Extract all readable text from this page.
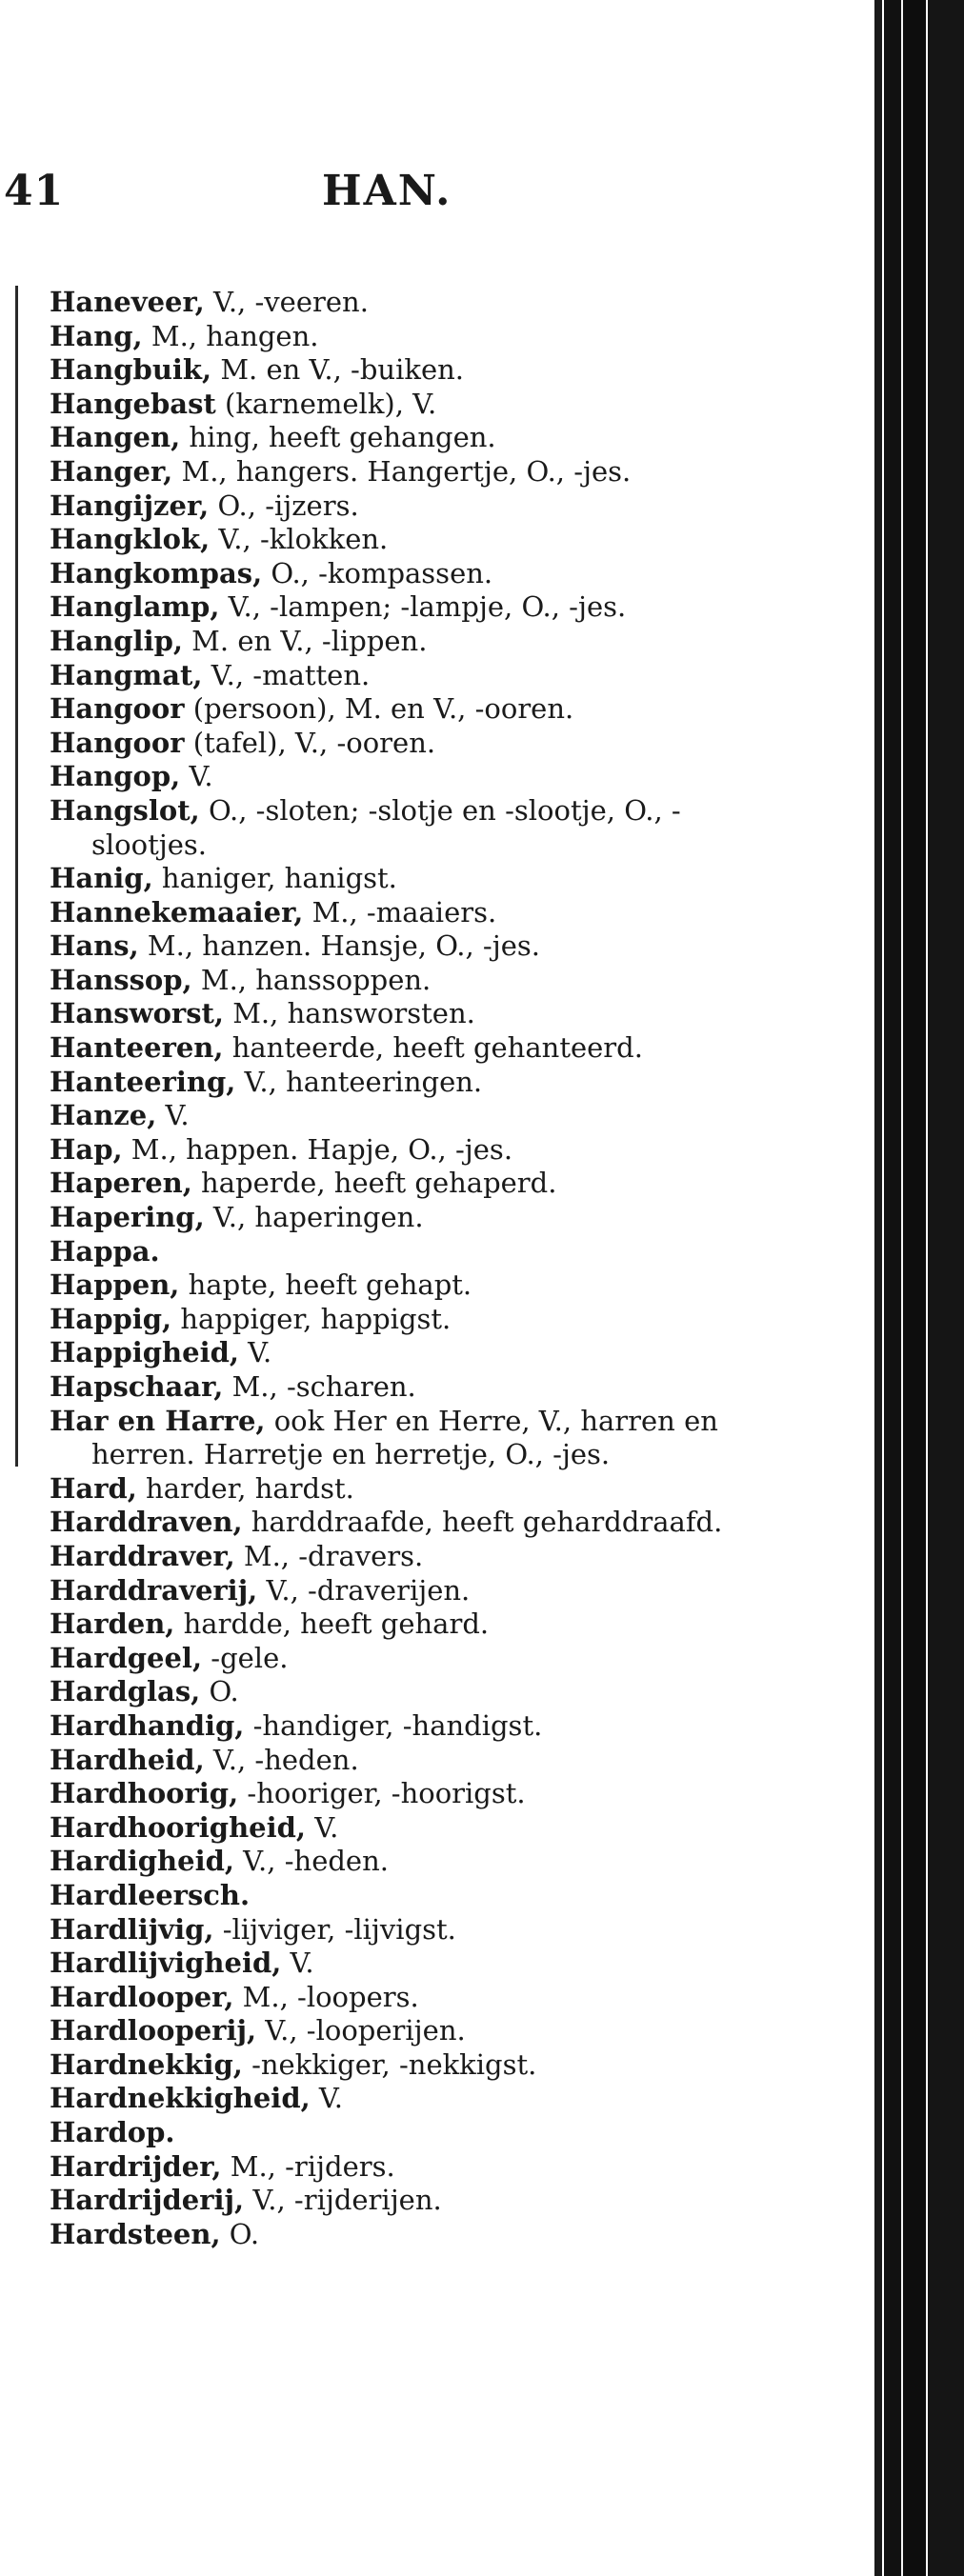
41	HAN.
Haneveer, V., -veeren.
Hang, M., hangen.
Hangbuik, M. en V., -buiken.
Hangebast (karnemelk), V.
Hangen, hing, heeft gehangen.
Hanger, M., hangers. Hangertje, O., -jes.
Hangijzer, O., -ijzers.
Hangklok, V., -klokken.
Hangkompas, O., -kompassen.
Hanglamp, V., -lampen; -lampje, O., -jes.
Hanglip, M. en V., -lippen.
Hangmat, V., -matten.
Hangoor (persoon), M. en V., -ooren.
Hangoor (tafel), V., -ooren.
Hangop, V.
Hangslot, O., -sloten; -slotje en -slootje, O., -slootjes.
Hanig, haniger, hanigst.
Hannekemaaier, M., -maaiers.
Hans, M., hanzen. Hansje, O., -jes.
Hanssop, M., hanssoppen.
Hansworst, M., hansworsten.
Hanteeren, hanteerde, heeft gehanteerd.
Hanteering, V., hanteeringen.
Hanze, V.
Hap, M., happen. Hapje, O., -jes.
Haperen, haperde, heeft gehaperd.
Hapering, V., haperingen.
Happa.
Happen, hapte, heeft gehapt.
Happig, happiger, happigst.
Happigheid, V.
Hapschaar, M., -scharen.
Har en Harre, ook Her en Herre, V., harren en herren. Harretje en herretje, O., -jes.
Hard, harder, hardst.
Harddraven, harddraafde, heeft geharddraafd.
Harddraver, M., -dravers.
Harddraverij, V., -draverijen.
Harden, hardde, heeft gehard.
Hardgeel, -gele.
Hardglas, O.
Hardhandig, -handiger, -handigst.
Hardheid, V., -heden.
Hardhoorig, -hooriger, -hoorigst.
Hardhoorigheid, V.
Hardigheid, V., -heden.
Hardleersch.
Hardlijvig, -lijviger, -lijvigst.
Hardlijvigheid, V.
Hardlooper, M., -loopers.
Hardlooperij, V., -looperijen.
Hardnekkig, -nekkiger, -nekkigst.
Hardnekkigheid, V.
Hardop.
Hardrijder, M., -rijders.
Hardrijderij, V., -rijderijen.
Hardsteen, O.
